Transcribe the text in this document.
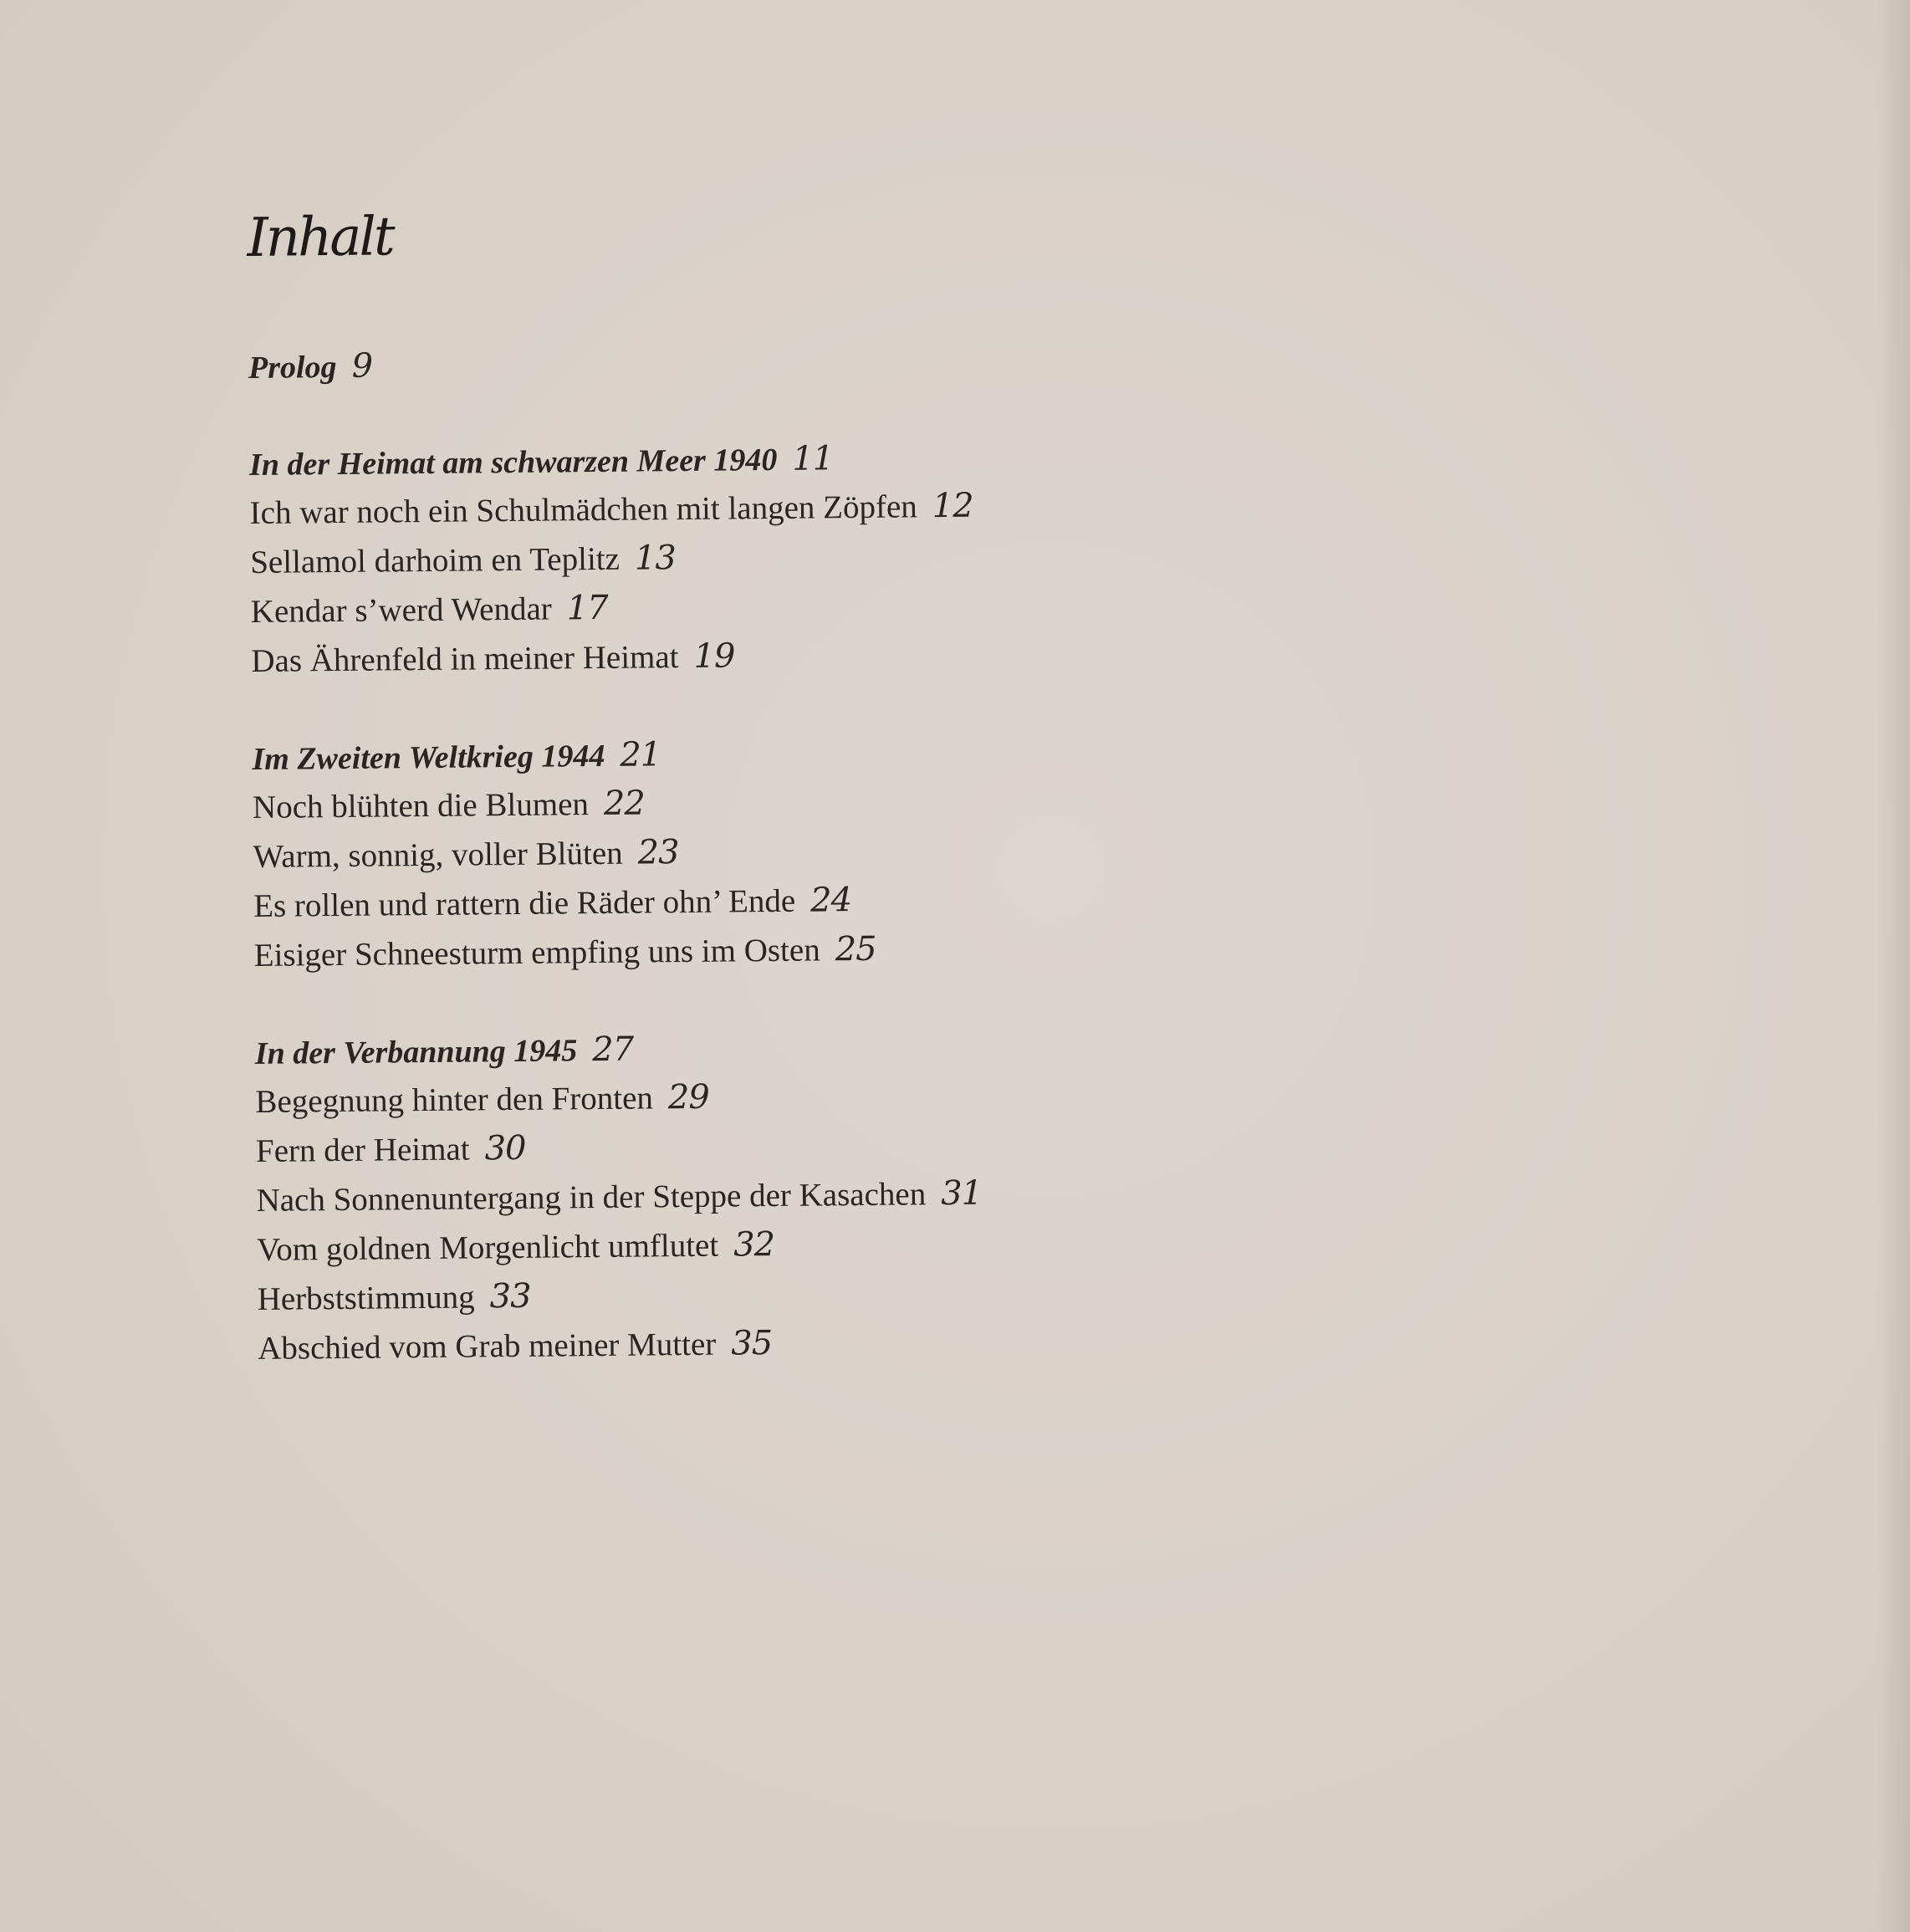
Inhalt
Prolog 9
In der Heimat am schwarzen Meer 1940 11
Ich war noch ein Schulmädchen mit langen Zöpfen 12
Sellamol darhoim en Teplitz 13
Kendar s’werd Wendar 17
Das Ährenfeld in meiner Heimat 19
Im Zweiten Weltkrieg 1944 21
Noch blühten die Blumen 22
Warm, sonnig, voller Blüten 23
Es rollen und rattern die Räder ohn’ Ende 24
Eisiger Schneesturm empfing uns im Osten 25
In der Verbannung 1945 27
Begegnung hinter den Fronten 29
Fern der Heimat 30
Nach Sonnenuntergang in der Steppe der Kasachen 31
Vom goldnen Morgenlicht umflutet 32
Herbststimmung 33
Abschied vom Grab meiner Mutter 35
